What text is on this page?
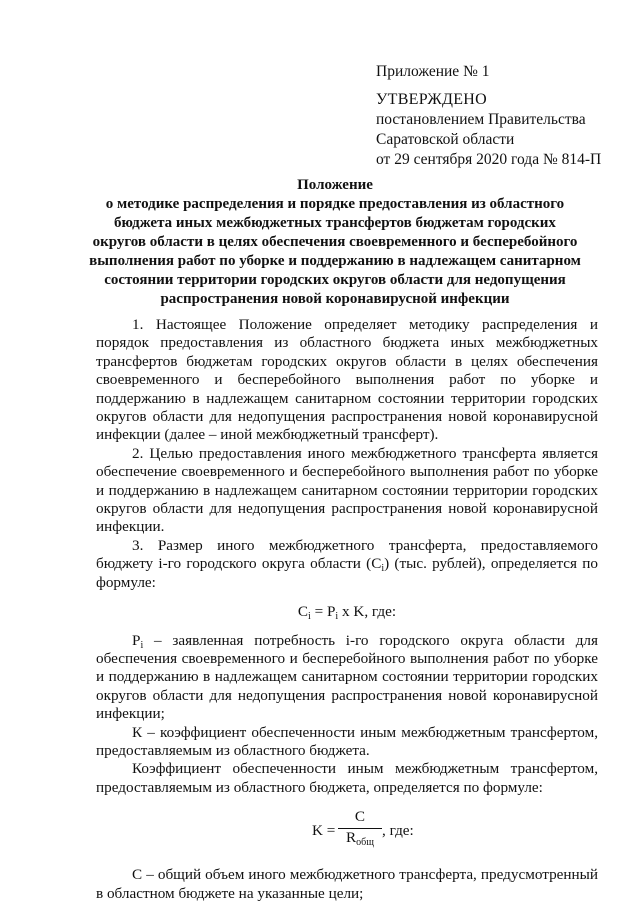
Приложение № 1
УТВЕРЖДЕНО
постановлением Правительства
Саратовской области
от 29 сентября 2020 года № 814-П
Положение
о методике распределения и порядке предоставления из областного
бюджета иных межбюджетных трансфертов бюджетам городских
округов области в целях обеспечения своевременного и бесперебойного
выполнения работ по уборке и поддержанию в надлежащем санитарном
состоянии территории городских округов области для недопущения
распространения новой коронавирусной инфекции

1. Настоящее Положение определяет методику распределения и порядок предоставления из областного бюджета иных межбюджетных трансфертов бюджетам городских округов области в целях обеспечения своевременного и бесперебойного выполнения работ по уборке и поддержанию в надлежащем санитарном состоянии территории городских округов области для недопущения распространения новой коронавирусной инфекции (далее – иной межбюджетный трансферт).

2. Целью предоставления иного межбюджетного трансферта является обеспечение своевременного и бесперебойного выполнения работ по уборке и поддержанию в надлежащем санитарном состоянии территории городских округов области для недопущения распространения новой коронавирусной инфекции.

3. Размер иного межбюджетного трансферта, предоставляемого бюджету i-го городского округа области $(C_i)$ (тыс. рублей), определяется по формуле:

$C_i = P_i$ x K, где:

$P_i$ – заявленная потребность i-го городского округа области для обеспечения своевременного и бесперебойного выполнения работ по уборке и поддержанию в надлежащем санитарном состоянии территории городских округов области для недопущения распространения новой коронавирусной инфекции;

К – коэффициент обеспеченности иным межбюджетным трансфертом, предоставляемым из областного бюджета.

Коэффициент обеспеченности иным межбюджетным трансфертом, предоставляемым из областного бюджета, определяется по формуле:

K =
C
$R_{общ}$
, где:

C – общий объем иного межбюджетного трансферта, предусмотренный в областном бюджете на указанные цели;
